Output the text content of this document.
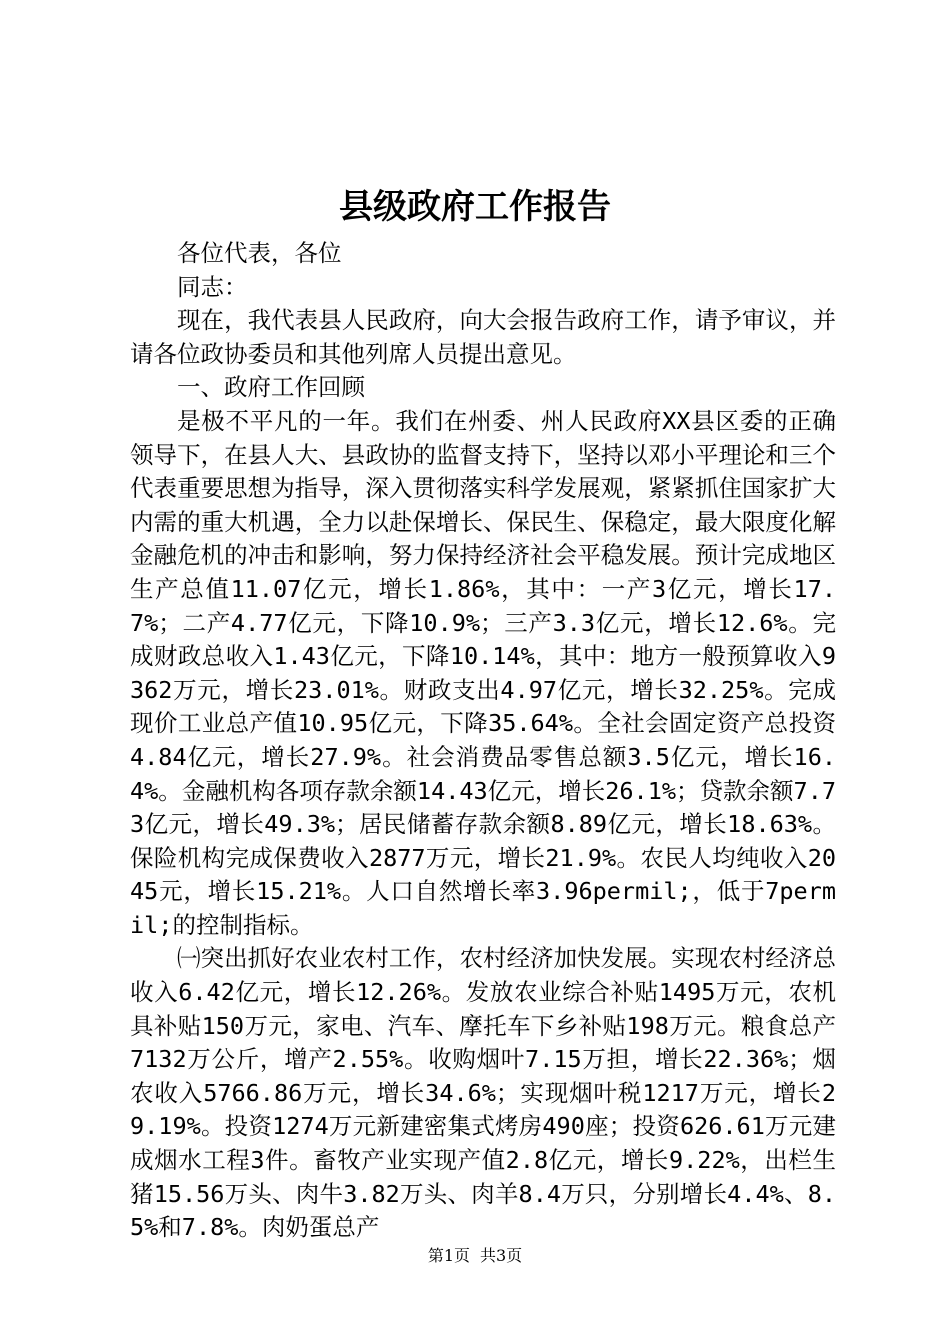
县级政府工作报告

各位代表，各位

同志：

现在，我代表县人民政府，向大会报告政府工作，请予审议，并请各位政协委员和其他列席人员提出意见。

一、政府工作回顾

是极不平凡的一年。我们在州委、州人民政府XX县区委的正确领导下，在县人大、县政协的监督支持下，坚持以邓小平理论和三个代表重要思想为指导，深入贯彻落实科学发展观，紧紧抓住国家扩大内需的重大机遇，全力以赴保增长、保民生、保稳定，最大限度化解金融危机的冲击和影响，努力保持经济社会平稳发展。预计完成地区生产总值11.07亿元，增长1.86%，其中：一产3亿元，增长17.7%；二产4.77亿元，下降10.9%；三产3.3亿元，增长12.6%。完成财政总收入1.43亿元，下降10.14%，其中：地方一般预算收入9362万元，增长23.01%。财政支出4.97亿元，增长32.25%。完成现价工业总产值10.95亿元，下降35.64%。全社会固定资产总投资4.84亿元，增长27.9%。社会消费品零售总额3.5亿元，增长16.4%。金融机构各项存款余额14.43亿元，增长26.1%；贷款余额7.73亿元，增长49.3%；居民储蓄存款余额8.89亿元，增长18.63%。保险机构完成保费收入2877万元，增长21.9%。农民人均纯收入2045元，增长15.21%。人口自然增长率3.96permil;，低于7permil;的控制指标。

㈠突出抓好农业农村工作，农村经济加快发展。实现农村经济总收入6.42亿元，增长12.26%。发放农业综合补贴1495万元，农机具补贴150万元，家电、汽车、摩托车下乡补贴198万元。粮食总产7132万公斤，增产2.55%。收购烟叶7.15万担，增长22.36%；烟农收入5766.86万元，增长34.6%；实现烟叶税1217万元，增长29.19%。投资1274万元新建密集式烤房490座；投资626.61万元建成烟水工程3件。畜牧产业实现产值2.8亿元，增长9.22%，出栏生猪15.56万头、肉牛3.82万头、肉羊8.4万只，分别增长4.4%、8.5%和7.8%。肉奶蛋总产

第1页 共3页
